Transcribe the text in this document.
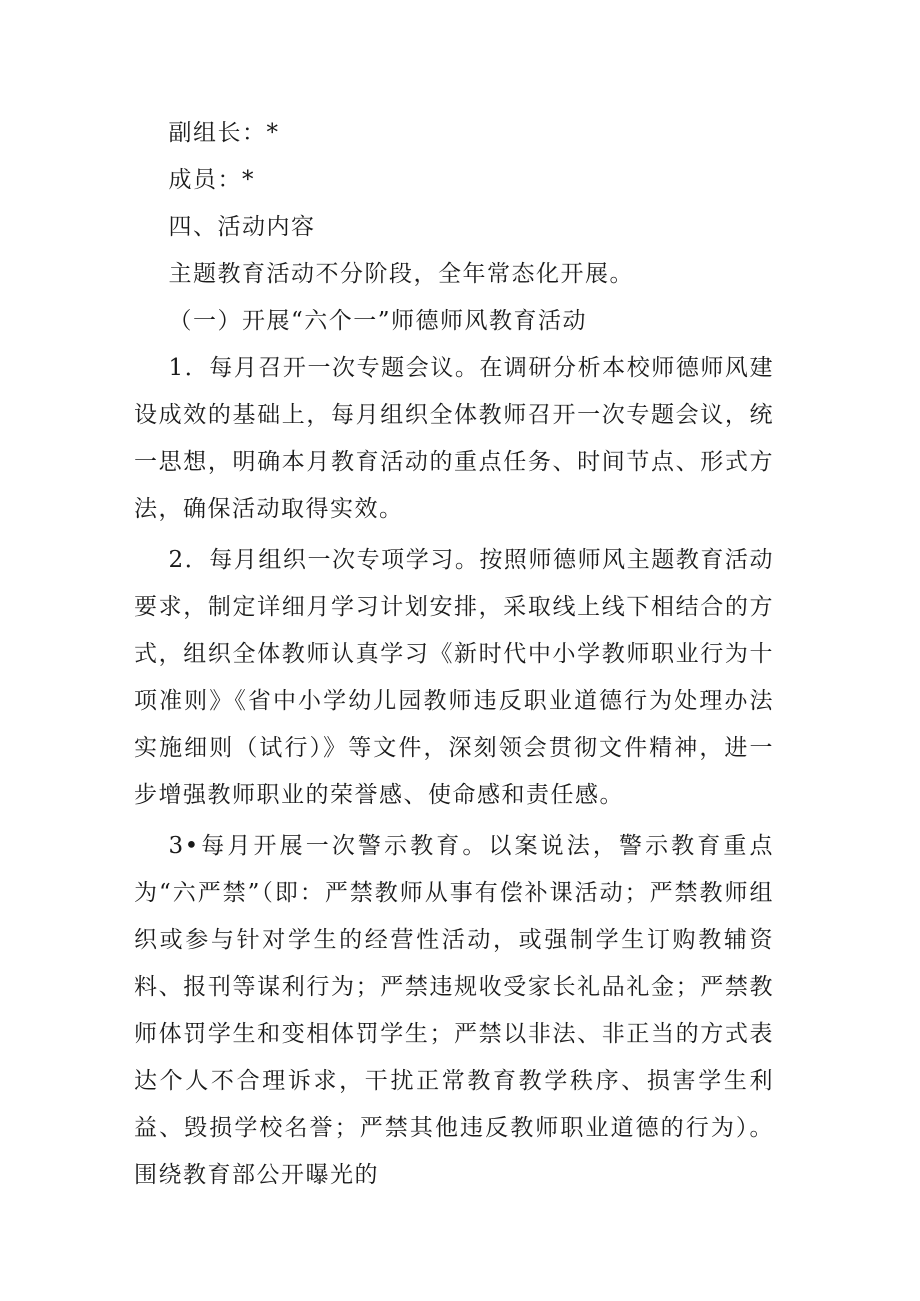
副组长：*

成员：*

四、活动内容

主题教育活动不分阶段，全年常态化开展。

（一）开展“六个一”师德师风教育活动

1．每月召开一次专题会议。在调研分析本校师德师风建设成效的基础上，每月组织全体教师召开一次专题会议，统一思想，明确本月教育活动的重点任务、时间节点、形式方法，确保活动取得实效。

2．每月组织一次专项学习。按照师德师风主题教育活动要求，制定详细月学习计划安排，采取线上线下相结合的方式，组织全体教师认真学习《新时代中小学教师职业行为十项准则》《省中小学幼儿园教师违反职业道德行为处理办法实施细则（试行）》等文件，深刻领会贯彻文件精神，进一步增强教师职业的荣誉感、使命感和责任感。

3•每月开展一次警示教育。以案说法，警示教育重点为“六严禁”（即：严禁教师从事有偿补课活动；严禁教师组织或参与针对学生的经营性活动，或强制学生订购教辅资料、报刊等谋利行为；严禁违规收受家长礼品礼金；严禁教师体罚学生和变相体罚学生；严禁以非法、非正当的方式表达个人不合理诉求，干扰正常教育教学秩序、损害学生利益、毁损学校名誉；严禁其他违反教师职业道德的行为）。围绕教育部公开曝光的
